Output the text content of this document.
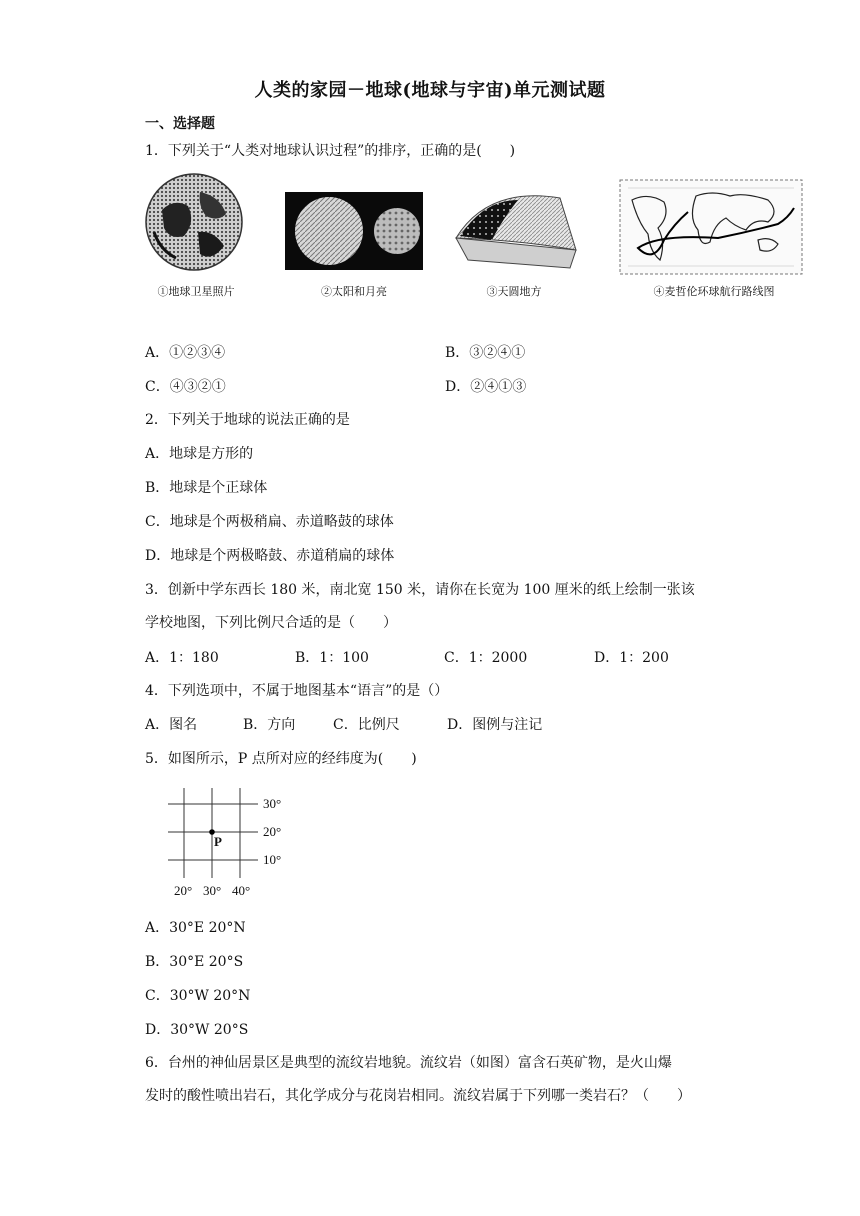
人类的家园－地球(地球与宇宙)单元测试题
一、选择题
1．下列关于“人类对地球认识过程”的排序，正确的是(　　)
①地球卫星照片	②太阳和月亮	③天圆地方	④麦哲伦环球航行路线图
A．①②③④	B．③②④①
C．④③②①	D．②④①③
2．下列关于地球的说法正确的是
A．地球是方形的
B．地球是个正球体
C．地球是个两极稍扁、赤道略鼓的球体
D．地球是个两极略鼓、赤道稍扁的球体
3．创新中学东西长 180 米，南北宽 150 米，请你在长宽为 100 厘米的纸上绘制一张该
学校地图，下列比例尺合适的是（　　）
A．1：180	B．1：100	C．1：2000	D．1：200
4．下列选项中，不属于地图基本“语言”的是（）
A．图名	B．方向	C．比例尺	D．图例与注记
5．如图所示，P 点所对应的经纬度为(　　)
30°
20°
10°
20° 30° 40°
P
A．30°E 20°N
B．30°E 20°S
C．30°W 20°N
D．30°W 20°S
6．台州的神仙居景区是典型的流纹岩地貌。流纹岩（如图）富含石英矿物，是火山爆
发时的酸性喷出岩石，其化学成分与花岗岩相同。流纹岩属于下列哪一类岩石？（　　）
